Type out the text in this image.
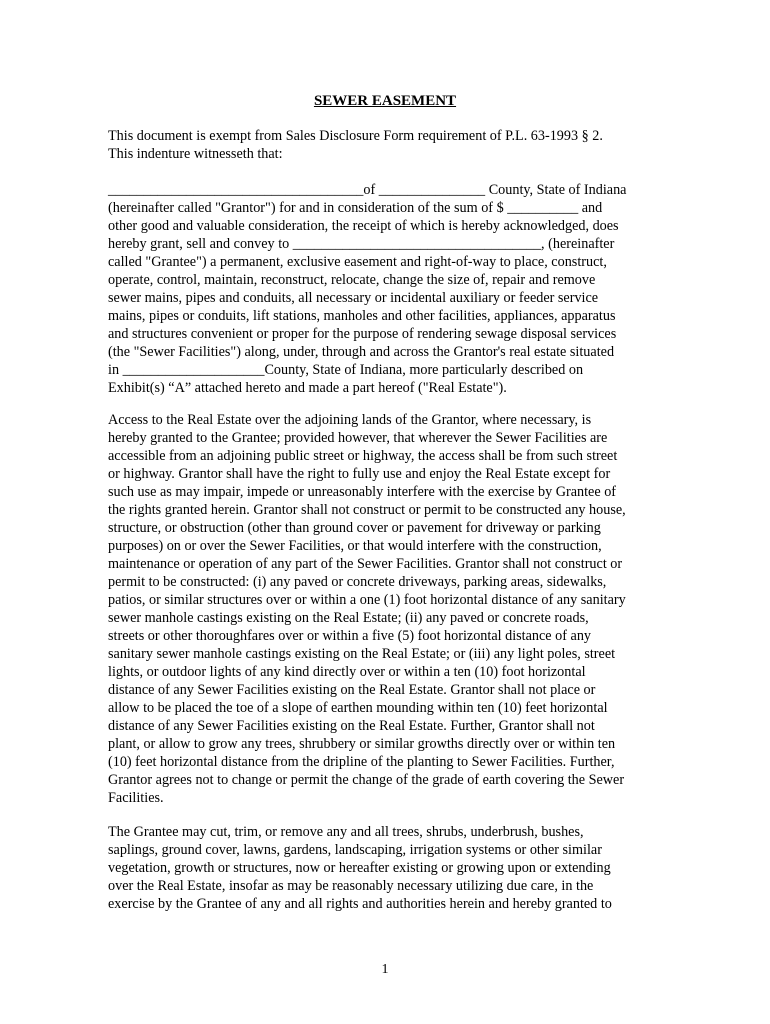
SEWER EASEMENT
This document is exempt from Sales Disclosure Form requirement of P.L. 63-1993 § 2.
This indenture witnesseth that:
____________________________________of _______________ County, State of Indiana
(hereinafter called "Grantor") for and in consideration of the sum of $ __________ and
other good and valuable consideration, the receipt of which is hereby acknowledged, does
hereby grant, sell and convey to ___________________________________, (hereinafter
called "Grantee") a permanent, exclusive easement and right-of-way to place, construct,
operate, control, maintain, reconstruct, relocate, change the size of, repair and remove
sewer mains, pipes and conduits, all necessary or incidental auxiliary or feeder service
mains, pipes or conduits, lift stations, manholes and other facilities, appliances, apparatus
and structures convenient or proper for the purpose of rendering sewage disposal services
(the "Sewer Facilities") along, under, through and across the Grantor's real estate situated
in ____________________County, State of Indiana, more particularly described on
Exhibit(s) “A” attached hereto and made a part hereof ("Real Estate").
Access to the Real Estate over the adjoining lands of the Grantor, where necessary, is
hereby granted to the Grantee; provided however, that wherever the Sewer Facilities are
accessible from an adjoining public street or highway, the access shall be from such street
or highway. Grantor shall have the right to fully use and enjoy the Real Estate except for
such use as may impair, impede or unreasonably interfere with the exercise by Grantee of
the rights granted herein. Grantor shall not construct or permit to be constructed any house,
structure, or obstruction (other than ground cover or pavement for driveway or parking
purposes) on or over the Sewer Facilities, or that would interfere with the construction,
maintenance or operation of any part of the Sewer Facilities. Grantor shall not construct or
permit to be constructed: (i) any paved or concrete driveways, parking areas, sidewalks,
patios, or similar structures over or within a one (1) foot horizontal distance of any sanitary
sewer manhole castings existing on the Real Estate; (ii) any paved or concrete roads,
streets or other thoroughfares over or within a five (5) foot horizontal distance of any
sanitary sewer manhole castings existing on the Real Estate; or (iii) any light poles, street
lights, or outdoor lights of any kind directly over or within a ten (10) foot horizontal
distance of any Sewer Facilities existing on the Real Estate. Grantor shall not place or
allow to be placed the toe of a slope of earthen mounding within ten (10) feet horizontal
distance of any Sewer Facilities existing on the Real Estate. Further, Grantor shall not
plant, or allow to grow any trees, shrubbery or similar growths directly over or within ten
(10) feet horizontal distance from the dripline of the planting to Sewer Facilities. Further,
Grantor agrees not to change or permit the change of the grade of earth covering the Sewer
Facilities.
The Grantee may cut, trim, or remove any and all trees, shrubs, underbrush, bushes,
saplings, ground cover, lawns, gardens, landscaping, irrigation systems or other similar
vegetation, growth or structures, now or hereafter existing or growing upon or extending
over the Real Estate, insofar as may be reasonably necessary utilizing due care, in the
exercise by the Grantee of any and all rights and authorities herein and hereby granted to
1
